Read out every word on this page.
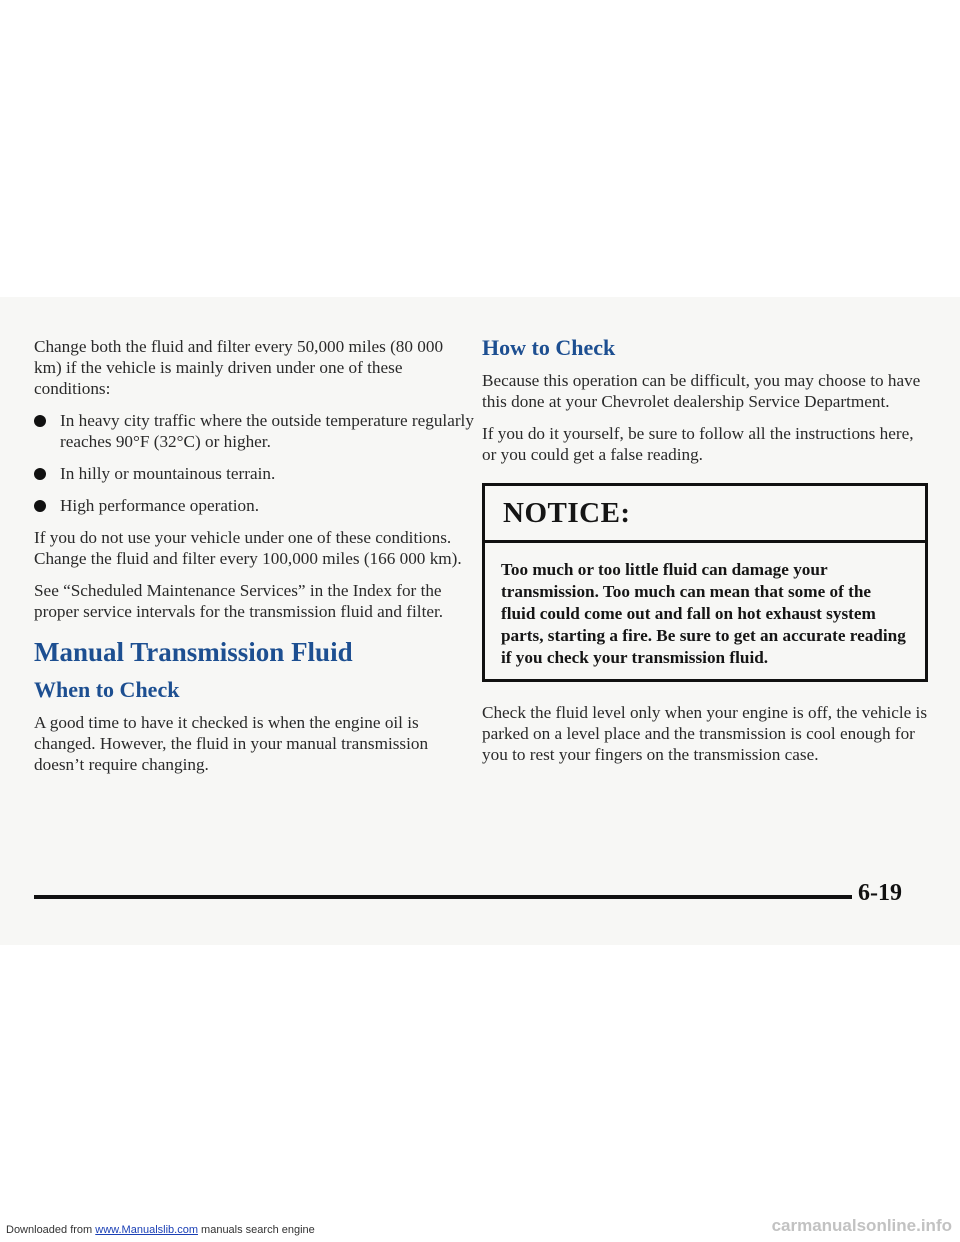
Change both the fluid and filter every 50,000 miles (80 000 km) if the vehicle is mainly driven under one of these conditions:

In heavy city traffic where the outside temperature regularly reaches 90°F (32°C) or higher.
In hilly or mountainous terrain.
High performance operation.

If you do not use your vehicle under one of these conditions. Change the fluid and filter every 100,000 miles (166 000 km).

See “Scheduled Maintenance Services” in the Index for the proper service intervals for the transmission fluid and filter.

Manual Transmission Fluid
When to Check

A good time to have it checked is when the engine oil is changed. However, the fluid in your manual transmission doesn’t require changing.

How to Check

Because this operation can be difficult, you may choose to have this done at your Chevrolet dealership Service Department.

If you do it yourself, be sure to follow all the instructions here, or you could get a false reading.

NOTICE:
Too much or too little fluid can damage your transmission. Too much can mean that some of the fluid could come out and fall on hot exhaust system parts, starting a fire. Be sure to get an accurate reading if you check your transmission fluid.

Check the fluid level only when your engine is off, the vehicle is parked on a level place and the transmission is cool enough for you to rest your fingers on the transmission case.

6-19
Downloaded from www.Manualslib.com manuals search engine	carmanualsonline.info
